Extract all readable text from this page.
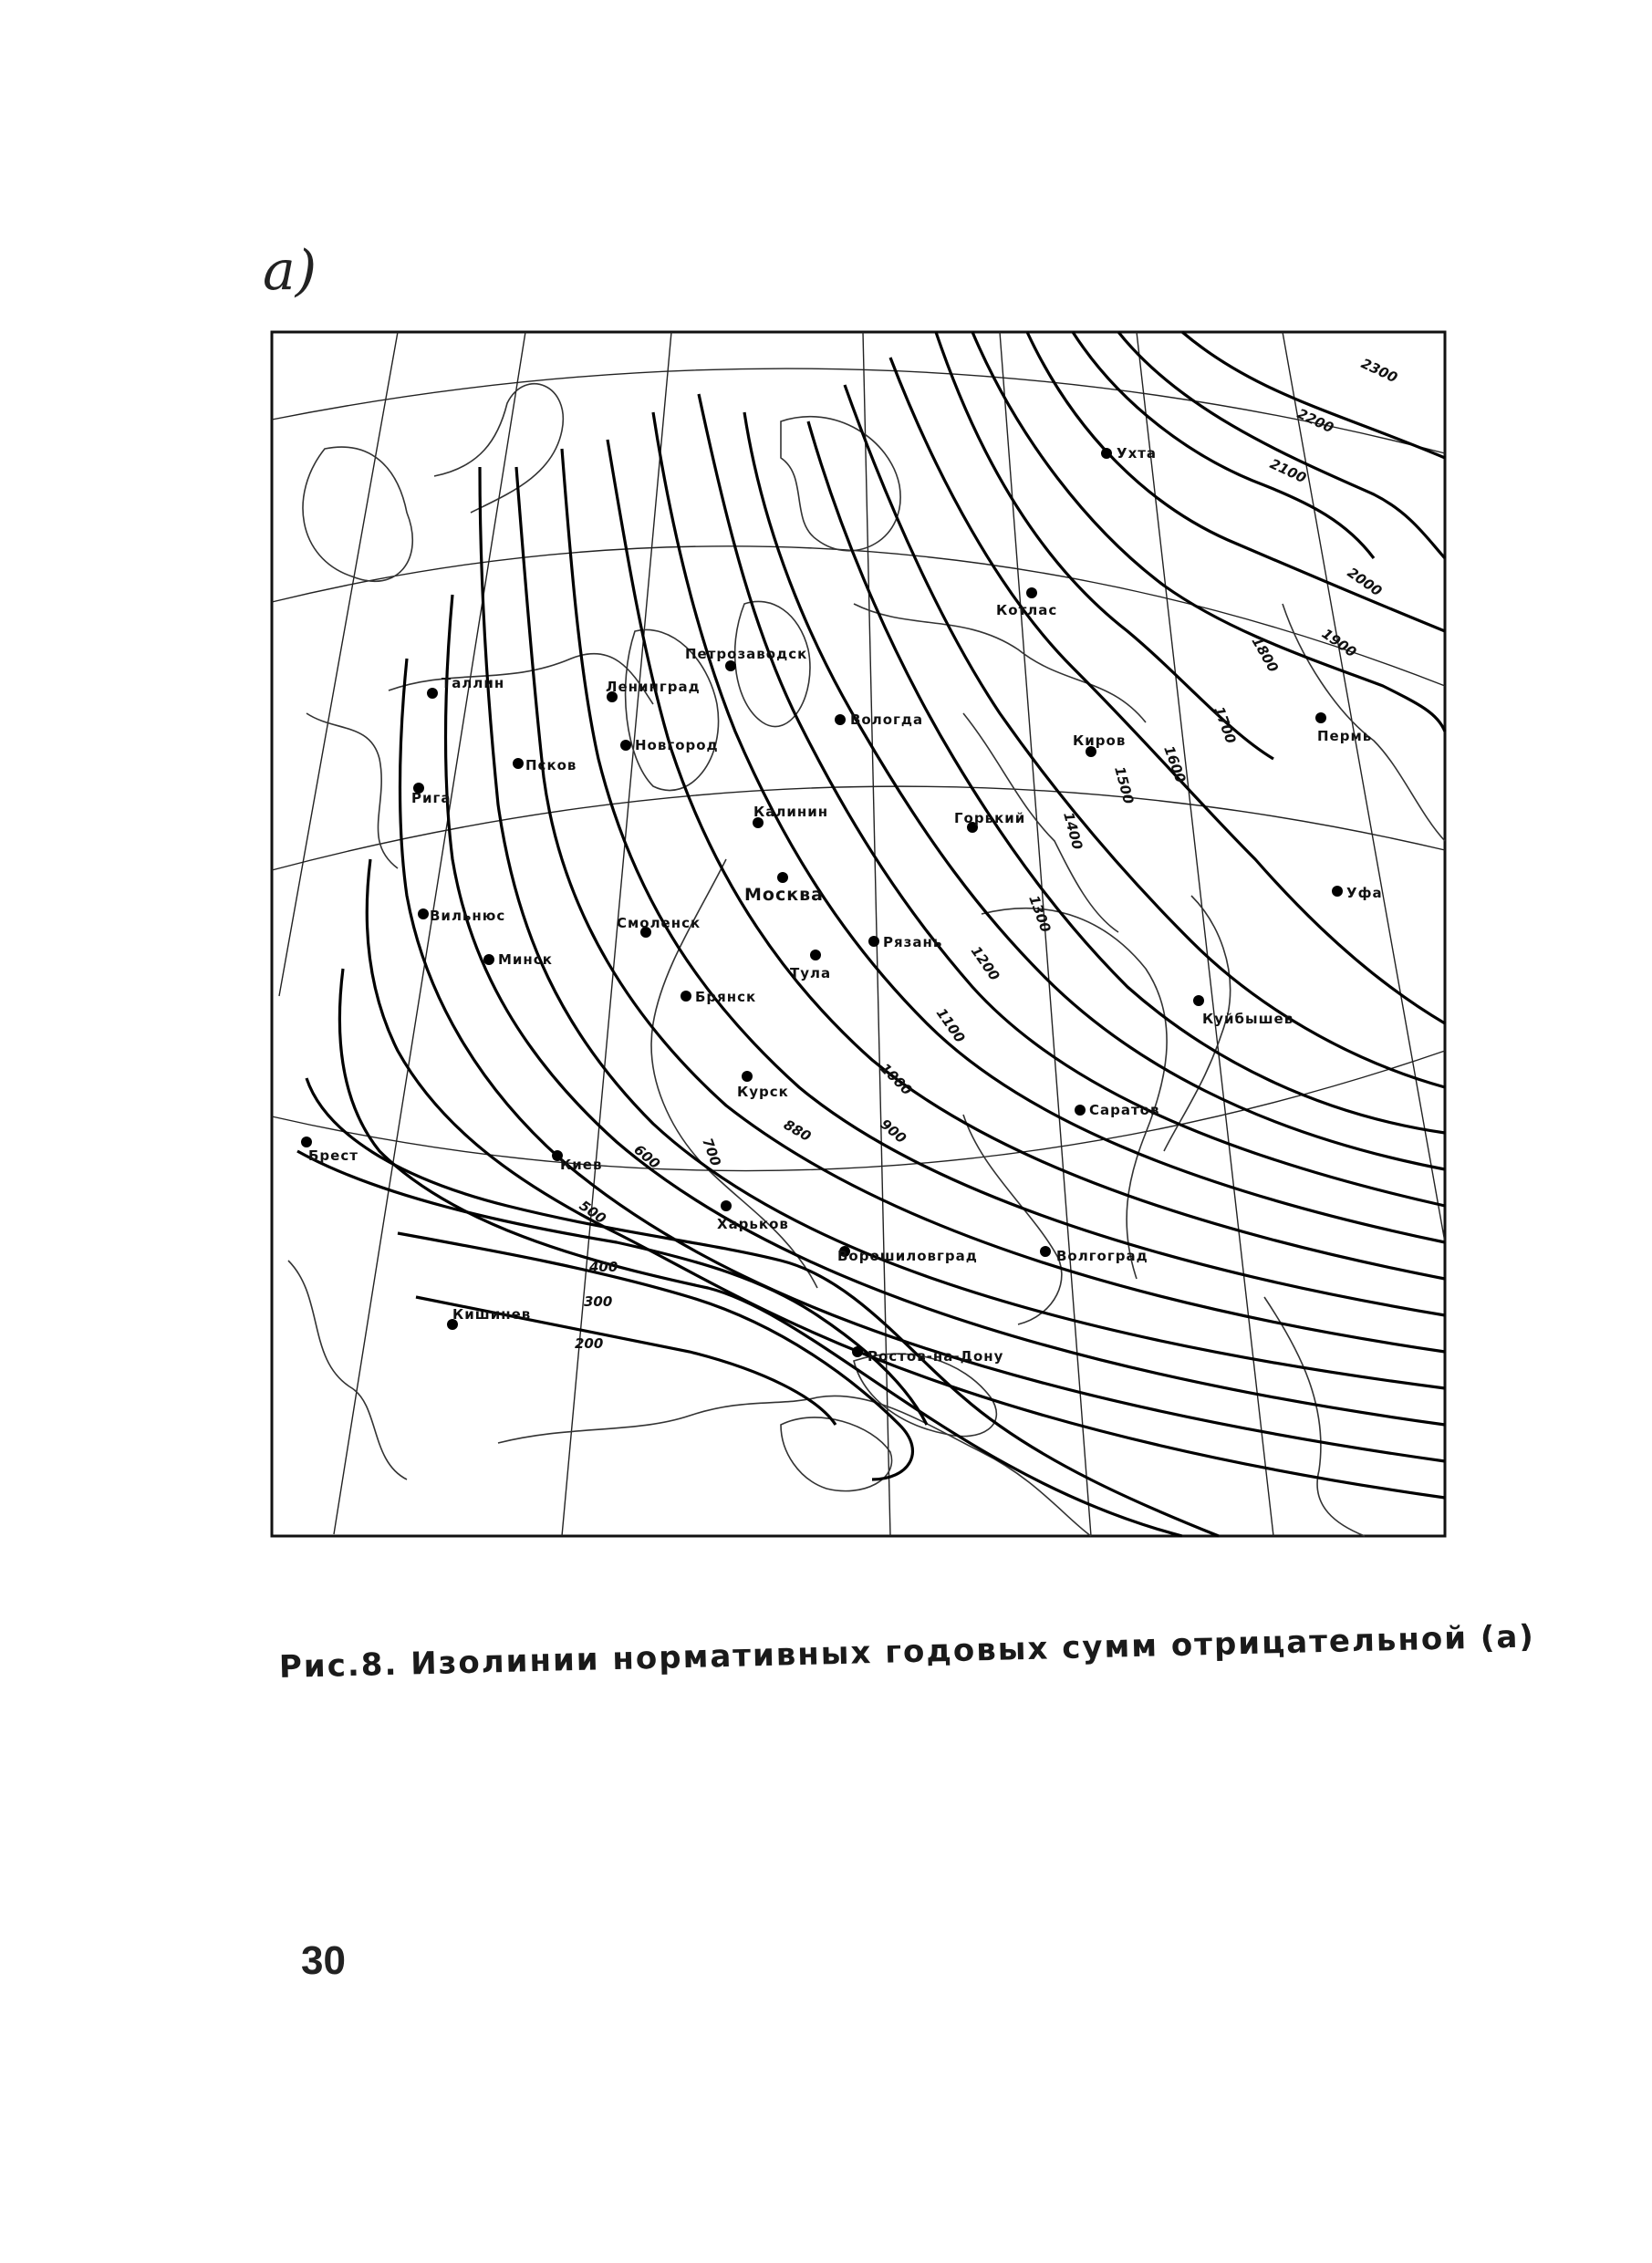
a)
Петрозаводск
Котлас
Ухта
Пермь
Таллин	Ленинград
Вологда
Новгород
Псков
Рига
Киров
Калинин	Горький
Москва	Уфа
Вильнюс	Смоленск
Рязань
Тула
Минск
Брянск
Куйбышев
Курск
Саратов
Брест
Киев
Харьков
Ворошиловград	Волгоград
Кишинев
Ростов-на-Дону
2300
2200
2100
2000
1900
1800
1700
1600
1500
1400
1300
1200
1100
1000
900
880
700
600
500
400
300
200
Рис.8. Изолинии нормативных годовых сумм отрицательной (а)
30
